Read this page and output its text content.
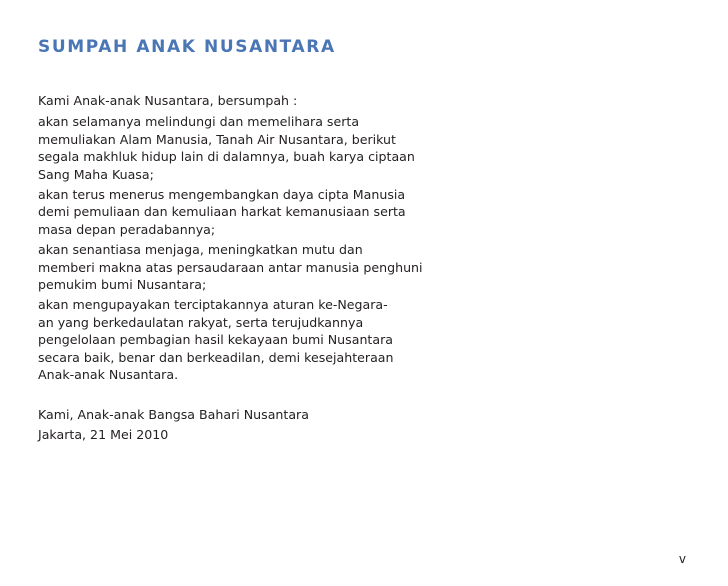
SUMPAH ANAK NUSANTARA

Kami Anak-anak Nusantara, bersumpah :

akan selamanya melindungi dan memelihara serta
memuliakan Alam Manusia, Tanah Air Nusantara, berikut
segala makhluk hidup lain di dalamnya, buah karya ciptaan
Sang Maha Kuasa;

akan terus menerus mengembangkan daya cipta Manusia
demi pemuliaan dan kemuliaan harkat kemanusiaan serta
masa depan peradabannya;

akan senantiasa menjaga, meningkatkan mutu dan
memberi makna atas persaudaraan antar manusia penghuni
pemukim bumi Nusantara;

akan mengupayakan terciptakannya aturan ke-Negara-
an yang berkedaulatan rakyat, serta terujudkannya
pengelolaan pembagian hasil kekayaan bumi Nusantara
secara baik, benar dan berkeadilan, demi kesejahteraan
Anak-anak Nusantara.

Kami, Anak-anak Bangsa Bahari Nusantara

Jakarta, 21 Mei 2010

v
